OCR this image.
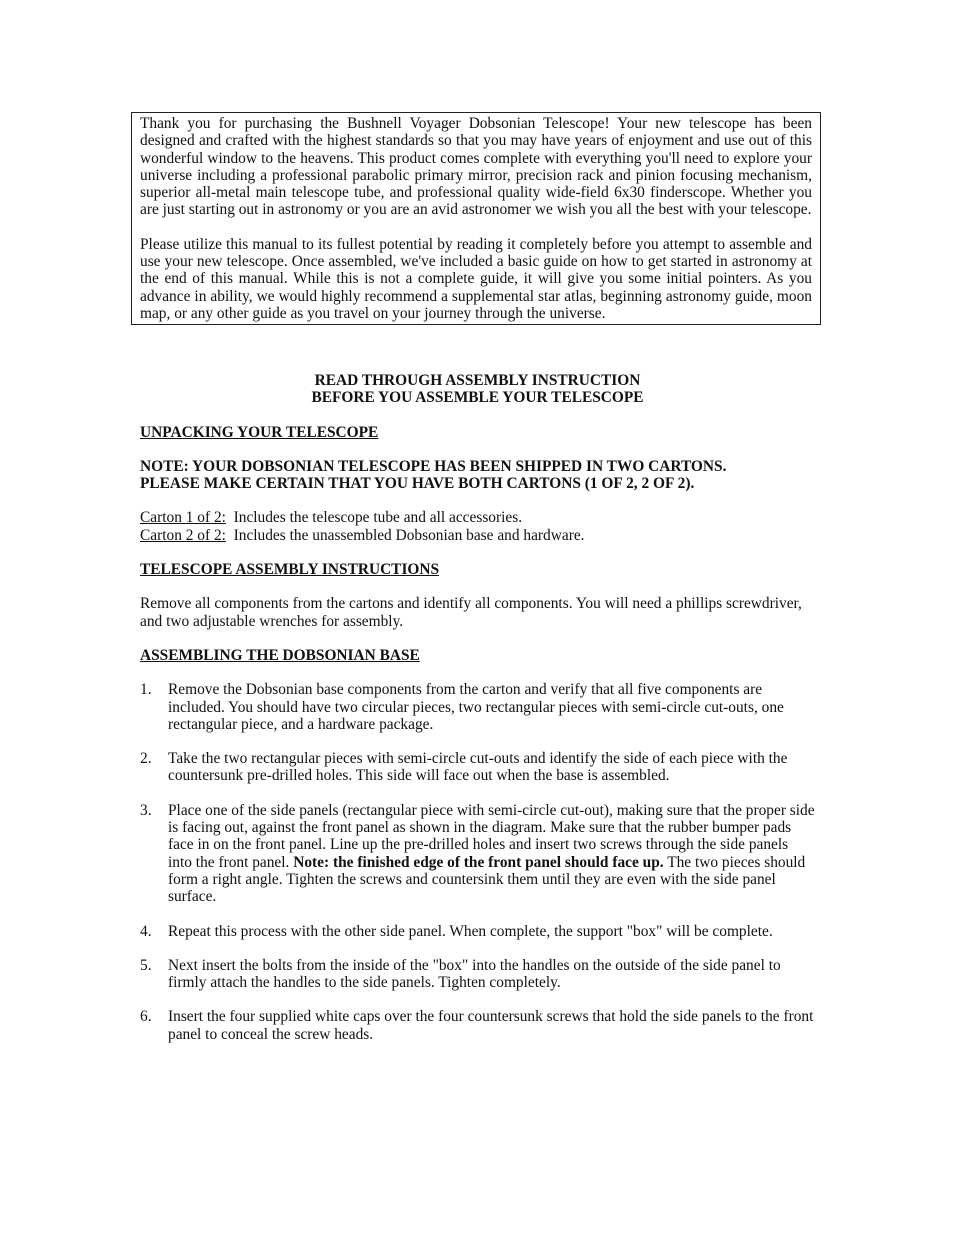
Thank you for purchasing the Bushnell Voyager Dobsonian Telescope! Your new telescope has been designed and crafted with the highest standards so that you may have years of enjoyment and use out of this wonderful window to the heavens. This product comes complete with everything you'll need to explore your universe including a professional parabolic primary mirror, precision rack and pinion focusing mechanism, superior all-metal main telescope tube, and professional quality wide-field 6x30 finderscope. Whether you are just starting out in astronomy or you are an avid astronomer we wish you all the best with your telescope.

Please utilize this manual to its fullest potential by reading it completely before you attempt to assemble and use your new telescope. Once assembled, we've included a basic guide on how to get started in astronomy at the end of this manual. While this is not a complete guide, it will give you some initial pointers. As you advance in ability, we would highly recommend a supplemental star atlas, beginning astronomy guide, moon map, or any other guide as you travel on your journey through the universe.

READ THROUGH ASSEMBLY INSTRUCTION
BEFORE YOU ASSEMBLE YOUR TELESCOPE
UNPACKING YOUR TELESCOPE
NOTE: YOUR DOBSONIAN TELESCOPE HAS BEEN SHIPPED IN TWO CARTONS.
PLEASE MAKE CERTAIN THAT YOU HAVE BOTH CARTONS (1 OF 2, 2 OF 2).
Carton 1 of 2:  Includes the telescope tube and all accessories.
Carton 2 of 2:  Includes the unassembled Dobsonian base and hardware.
TELESCOPE ASSEMBLY INSTRUCTIONS
Remove all components from the cartons and identify all components. You will need a phillips screwdriver, and two adjustable wrenches for assembly.
ASSEMBLING THE DOBSONIAN BASE
1. Remove the Dobsonian base components from the carton and verify that all five components are included. You should have two circular pieces, two rectangular pieces with semi-circle cut-outs, one rectangular piece, and a hardware package.
2. Take the two rectangular pieces with semi-circle cut-outs and identify the side of each piece with the countersunk pre-drilled holes. This side will face out when the base is assembled.
3. Place one of the side panels (rectangular piece with semi-circle cut-out), making sure that the proper side is facing out, against the front panel as shown in the diagram. Make sure that the rubber bumper pads face in on the front panel. Line up the pre-drilled holes and insert two screws through the side panels into the front panel. Note: the finished edge of the front panel should face up. The two pieces should form a right angle. Tighten the screws and countersink them until they are even with the side panel surface.
4. Repeat this process with the other side panel. When complete, the support "box" will be complete.
5. Next insert the bolts from the inside of the "box" into the handles on the outside of the side panel to firmly attach the handles to the side panels. Tighten completely.
6. Insert the four supplied white caps over the four countersunk screws that hold the side panels to the front panel to conceal the screw heads.
